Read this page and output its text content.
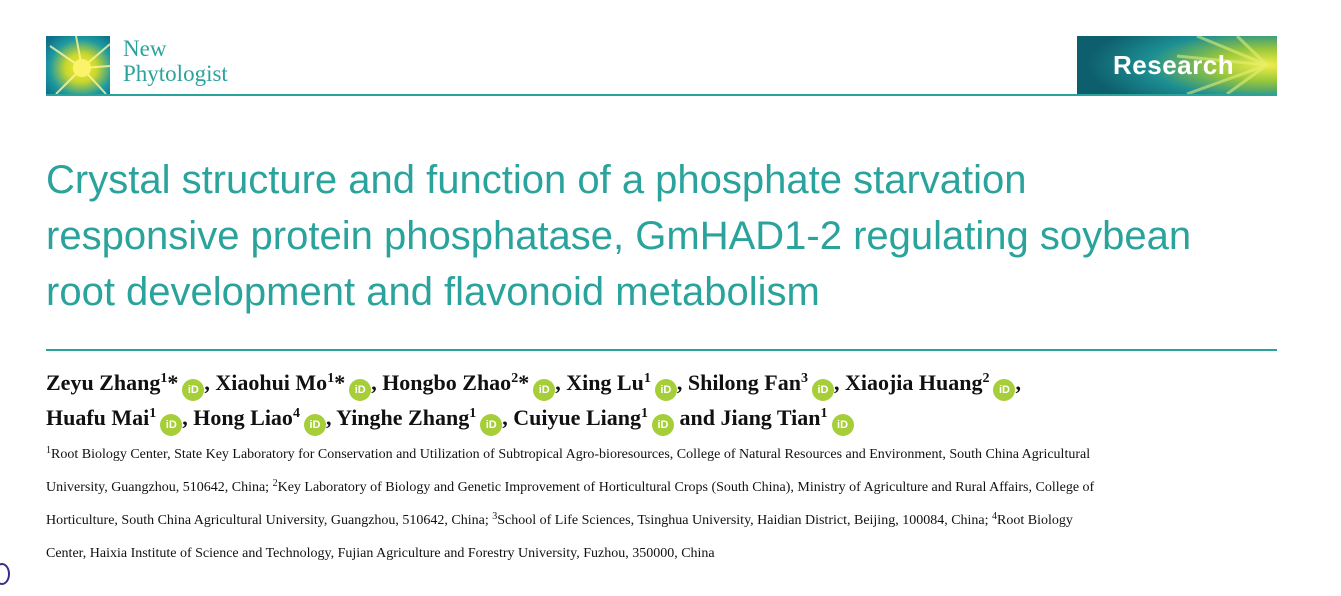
New
Phytologist	Research
Crystal structure and function of a phosphate starvation
responsive protein phosphatase, GmHAD1-2 regulating soybean
root development and flavonoid metabolism
Zeyu Zhang$^1$* iD , Xiaohui Mo$^1$* iD , Hongbo Zhao$^2$* iD , Xing Lu$^1$iD , Shilong Fan$^3$iD , Xiaojia Huang$^2$iD ,
Huafu Mai$^1$iD , Hong Liao$^4$iD , Yinghe Zhang$^1$iD , Cuiyue Liang$^1$iD and Jiang Tian$^1$iD
$^1$Root Biology Center, State Key Laboratory for Conservation and Utilization of Subtropical Agro-bioresources, College of Natural Resources and Environment, South China Agricultural
University, Guangzhou, 510642, China; $^2$Key Laboratory of Biology and Genetic Improvement of Horticultural Crops (South China), Ministry of Agriculture and Rural Affairs, College of
Horticulture, South China Agricultural University, Guangzhou, 510642, China; $^3$School of Life Sciences, Tsinghua University, Haidian District, Beijing, 100084, China; $^4$Root Biology
Center, Haixia Institute of Science and Technology, Fujian Agriculture and Forestry University, Fuzhou, 350000, China
